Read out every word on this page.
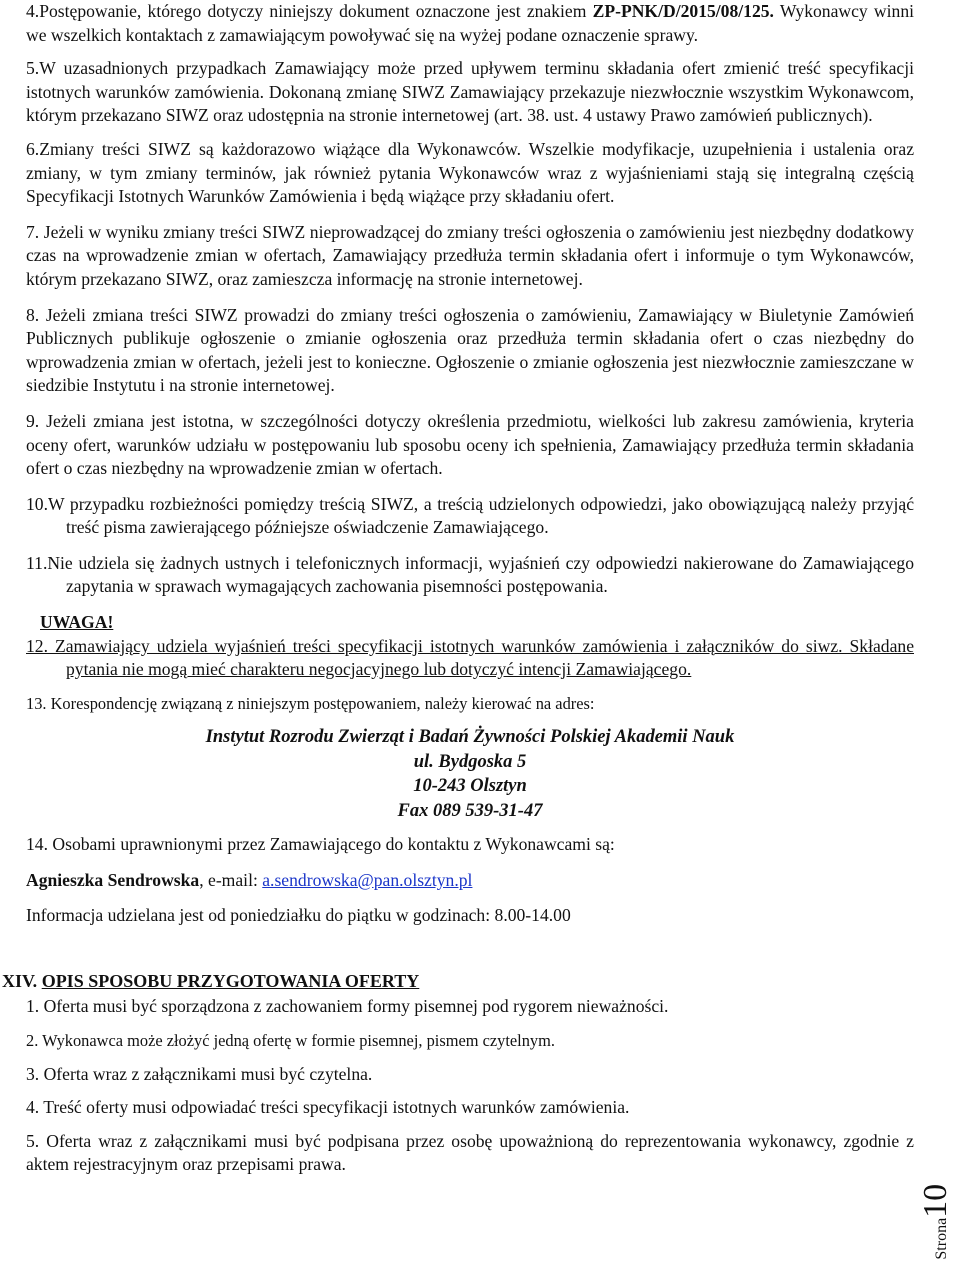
4.Postępowanie, którego dotyczy niniejszy dokument oznaczone jest znakiem ZP-PNK/D/2015/08/125. Wykonawcy winni we wszelkich kontaktach z zamawiającym powoływać się na wyżej podane oznaczenie sprawy.

5.W uzasadnionych przypadkach Zamawiający może przed upływem terminu składania ofert zmienić treść specyfikacji istotnych warunków zamówienia. Dokonaną zmianę SIWZ Zamawiający przekazuje niezwłocznie wszystkim Wykonawcom, którym przekazano SIWZ oraz udostępnia na stronie internetowej (art. 38. ust. 4 ustawy Prawo zamówień publicznych).

6.Zmiany treści SIWZ są każdorazowo wiążące dla Wykonawców. Wszelkie modyfikacje, uzupełnienia i ustalenia oraz zmiany, w tym zmiany terminów, jak również pytania Wykonawców wraz z wyjaśnieniami stają się integralną częścią Specyfikacji Istotnych Warunków Zamówienia i będą wiążące przy składaniu ofert.

7. Jeżeli w wyniku zmiany treści SIWZ nieprowadzącej do zmiany treści ogłoszenia o zamówieniu jest niezbędny dodatkowy czas na wprowadzenie zmian w ofertach, Zamawiający przedłuża termin składania ofert i informuje o tym Wykonawców, którym przekazano SIWZ, oraz zamieszcza informację na stronie internetowej.

8. Jeżeli zmiana treści SIWZ prowadzi do zmiany treści ogłoszenia o zamówieniu, Zamawiający w Biuletynie Zamówień Publicznych publikuje ogłoszenie o zmianie ogłoszenia oraz przedłuża termin składania ofert o czas niezbędny do wprowadzenia zmian w ofertach, jeżeli jest to konieczne. Ogłoszenie o zmianie ogłoszenia jest niezwłocznie zamieszczane w siedzibie Instytutu i na stronie internetowej.

9. Jeżeli zmiana jest istotna, w szczególności dotyczy określenia przedmiotu, wielkości lub zakresu zamówienia, kryteria oceny ofert, warunków udziału w postępowaniu lub sposobu oceny ich spełnienia, Zamawiający przedłuża termin składania ofert o czas niezbędny na wprowadzenie zmian w ofertach.

10.W przypadku rozbieżności pomiędzy treścią SIWZ, a treścią udzielonych odpowiedzi, jako obowiązującą należy przyjąć treść pisma zawierającego późniejsze oświadczenie Zamawiającego.

11.Nie udziela się żadnych ustnych i telefonicznych informacji, wyjaśnień czy odpowiedzi nakierowane do Zamawiającego zapytania w sprawach wymagających zachowania pisemności postępowania.

UWAGA!

12. Zamawiający udziela wyjaśnień treści specyfikacji istotnych warunków zamówienia i załączników do siwz. Składane pytania nie mogą mieć charakteru negocjacyjnego lub dotyczyć intencji Zamawiającego.

13. Korespondencję związaną z niniejszym postępowaniem, należy kierować na adres:

Instytut Rozrodu Zwierząt i Badań Żywności Polskiej Akademii Nauk

ul. Bydgoska 5

10-243 Olsztyn

Fax 089 539-31-47

14. Osobami uprawnionymi przez Zamawiającego do kontaktu z Wykonawcami są:

Agnieszka Sendrowska, e-mail: a.sendrowska@pan.olsztyn.pl

Informacja udzielana jest od poniedziałku do piątku w godzinach: 8.00-14.00

XIV. OPIS SPOSOBU PRZYGOTOWANIA OFERTY

1. Oferta musi być sporządzona z zachowaniem formy pisemnej pod rygorem nieważności.

2. Wykonawca może złożyć jedną ofertę w formie pisemnej, pismem czytelnym.

3. Oferta wraz z załącznikami musi być czytelna.

4. Treść oferty musi odpowiadać treści specyfikacji istotnych warunków zamówienia.

5. Oferta wraz z załącznikami musi być podpisana przez osobę upoważnioną do reprezentowania wykonawcy, zgodnie z aktem rejestracyjnym oraz przepisami prawa.

Strona10
